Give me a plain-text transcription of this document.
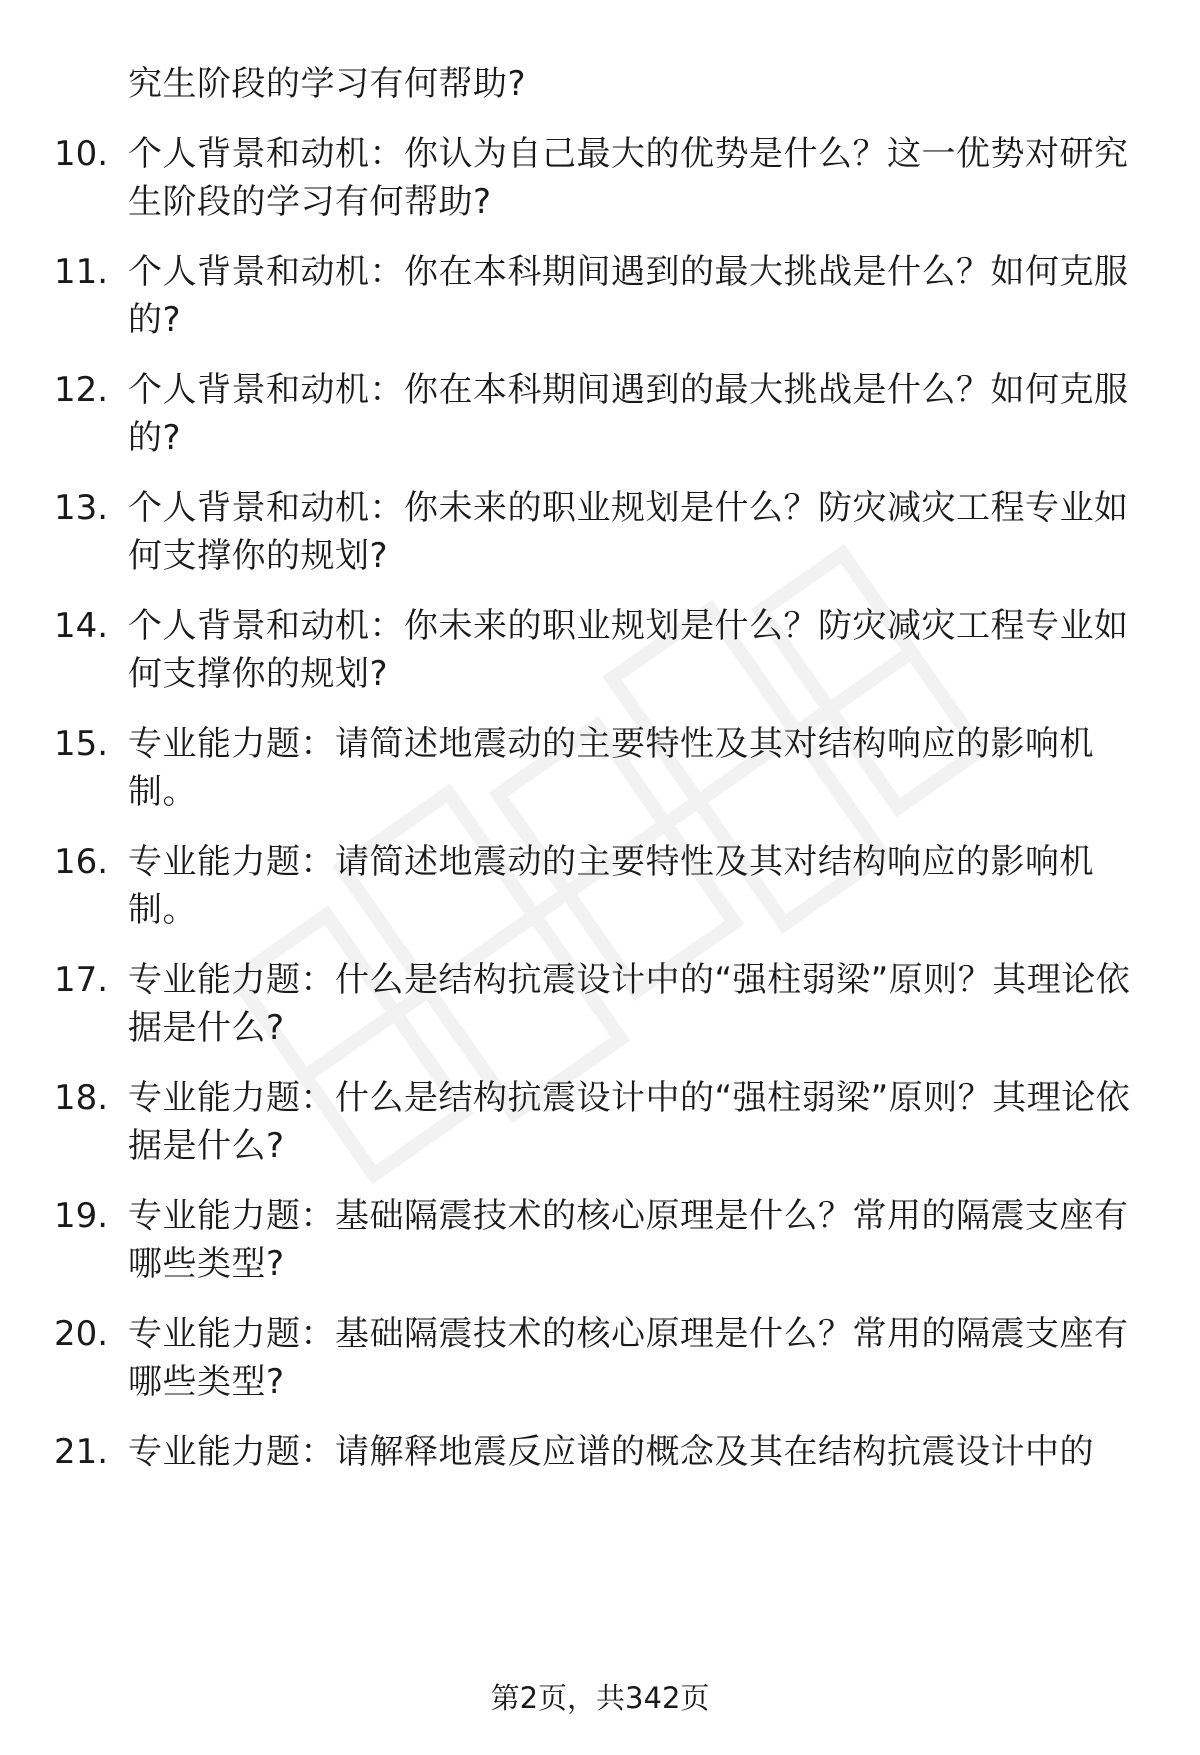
究生阶段的学习有何帮助?
10. 个人背景和动机：你认为自己最大的优势是什么？这一优势对研究生阶段的学习有何帮助?
11. 个人背景和动机：你在本科期间遇到的最大挑战是什么？如何克服的?
12. 个人背景和动机：你在本科期间遇到的最大挑战是什么？如何克服的?
13. 个人背景和动机：你未来的职业规划是什么？防灾减灾工程专业如何支撑你的规划?
14. 个人背景和动机：你未来的职业规划是什么？防灾减灾工程专业如何支撑你的规划?
15. 专业能力题：请简述地震动的主要特性及其对结构响应的影响机制。
16. 专业能力题：请简述地震动的主要特性及其对结构响应的影响机制。
17. 专业能力题：什么是结构抗震设计中的“强柱弱梁”原则？其理论依据是什么?
18. 专业能力题：什么是结构抗震设计中的“强柱弱梁”原则？其理论依据是什么?
19. 专业能力题：基础隔震技术的核心原理是什么？常用的隔震支座有哪些类型?
20. 专业能力题：基础隔震技术的核心原理是什么？常用的隔震支座有哪些类型?
21. 专业能力题：请解释地震反应谱的概念及其在结构抗震设计中的
第2页，共342页
